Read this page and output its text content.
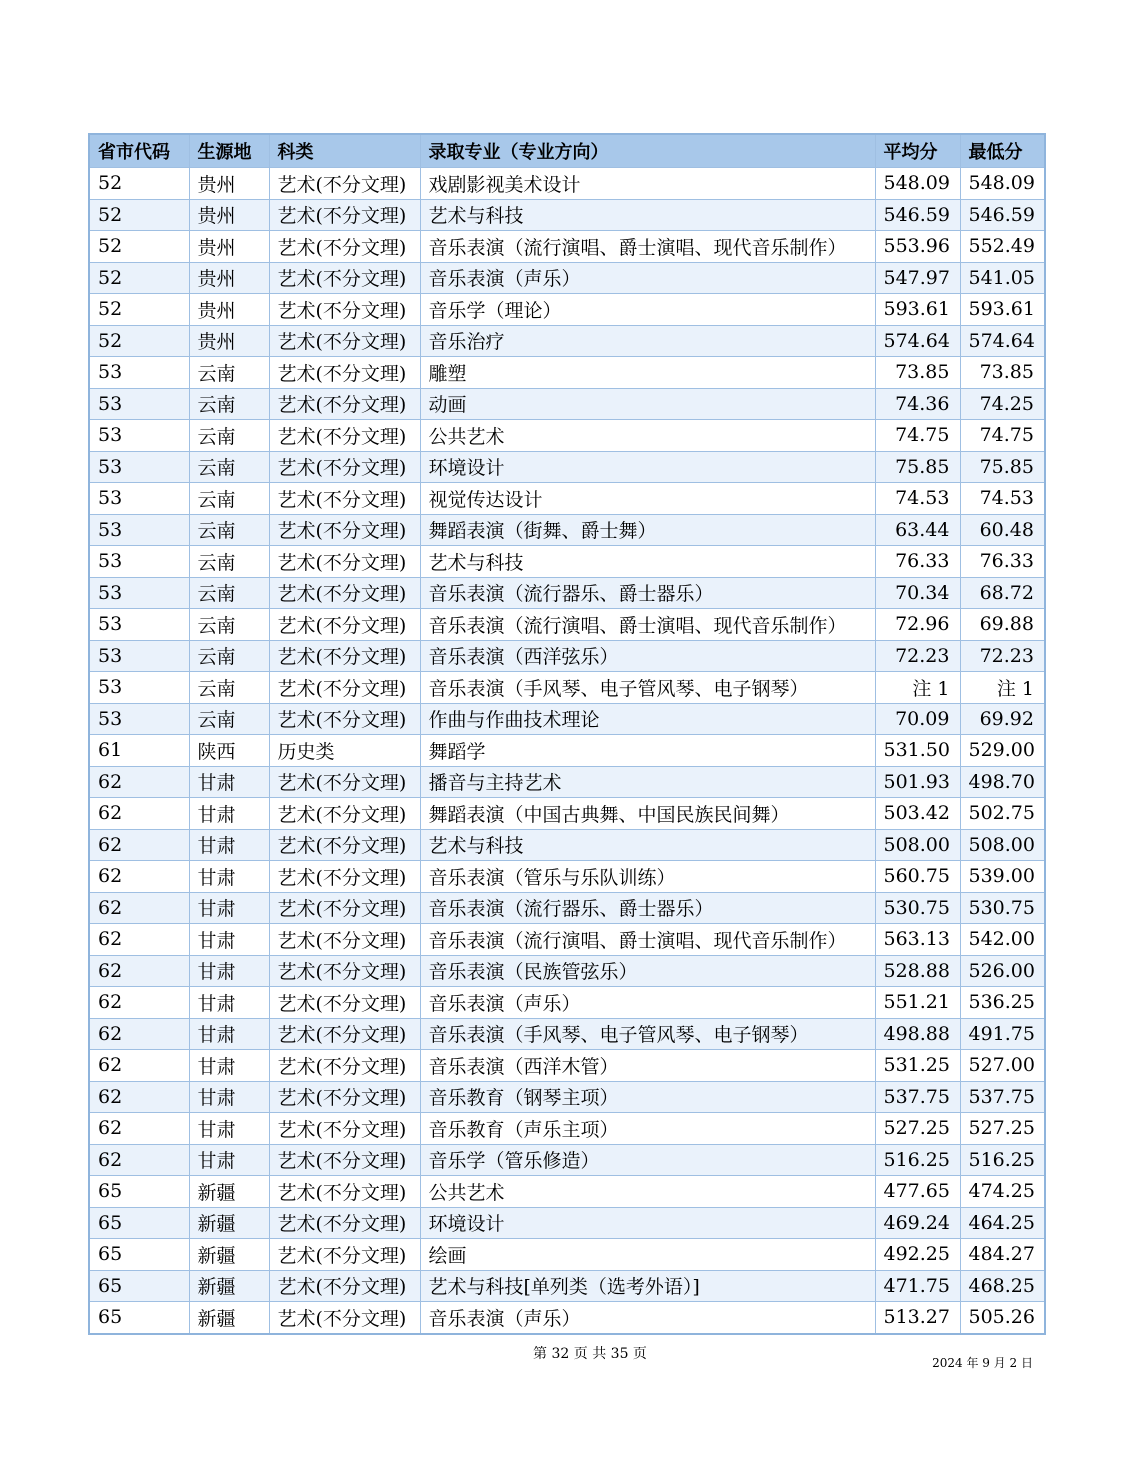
省市代码	生源地	科类	录取专业（专业方向）	平均分	最低分
52	贵州	艺术(不分文理)	戏剧影视美术设计	548.09	548.09
52	贵州	艺术(不分文理)	艺术与科技	546.59	546.59
52	贵州	艺术(不分文理)	音乐表演（流行演唱、爵士演唱、现代音乐制作）	553.96	552.49
52	贵州	艺术(不分文理)	音乐表演（声乐）	547.97	541.05
52	贵州	艺术(不分文理)	音乐学（理论）	593.61	593.61
52	贵州	艺术(不分文理)	音乐治疗	574.64	574.64
53	云南	艺术(不分文理)	雕塑	73.85	73.85
53	云南	艺术(不分文理)	动画	74.36	74.25
53	云南	艺术(不分文理)	公共艺术	74.75	74.75
53	云南	艺术(不分文理)	环境设计	75.85	75.85
53	云南	艺术(不分文理)	视觉传达设计	74.53	74.53
53	云南	艺术(不分文理)	舞蹈表演（街舞、爵士舞）	63.44	60.48
53	云南	艺术(不分文理)	艺术与科技	76.33	76.33
53	云南	艺术(不分文理)	音乐表演（流行器乐、爵士器乐）	70.34	68.72
53	云南	艺术(不分文理)	音乐表演（流行演唱、爵士演唱、现代音乐制作）	72.96	69.88
53	云南	艺术(不分文理)	音乐表演（西洋弦乐）	72.23	72.23
53	云南	艺术(不分文理)	音乐表演（手风琴、电子管风琴、电子钢琴）	注 1	注 1
53	云南	艺术(不分文理)	作曲与作曲技术理论	70.09	69.92
61	陕西	历史类	舞蹈学	531.50	529.00
62	甘肃	艺术(不分文理)	播音与主持艺术	501.93	498.70
62	甘肃	艺术(不分文理)	舞蹈表演（中国古典舞、中国民族民间舞）	503.42	502.75
62	甘肃	艺术(不分文理)	艺术与科技	508.00	508.00
62	甘肃	艺术(不分文理)	音乐表演（管乐与乐队训练）	560.75	539.00
62	甘肃	艺术(不分文理)	音乐表演（流行器乐、爵士器乐）	530.75	530.75
62	甘肃	艺术(不分文理)	音乐表演（流行演唱、爵士演唱、现代音乐制作）	563.13	542.00
62	甘肃	艺术(不分文理)	音乐表演（民族管弦乐）	528.88	526.00
62	甘肃	艺术(不分文理)	音乐表演（声乐）	551.21	536.25
62	甘肃	艺术(不分文理)	音乐表演（手风琴、电子管风琴、电子钢琴）	498.88	491.75
62	甘肃	艺术(不分文理)	音乐表演（西洋木管）	531.25	527.00
62	甘肃	艺术(不分文理)	音乐教育（钢琴主项）	537.75	537.75
62	甘肃	艺术(不分文理)	音乐教育（声乐主项）	527.25	527.25
62	甘肃	艺术(不分文理)	音乐学（管乐修造）	516.25	516.25
65	新疆	艺术(不分文理)	公共艺术	477.65	474.25
65	新疆	艺术(不分文理)	环境设计	469.24	464.25
65	新疆	艺术(不分文理)	绘画	492.25	484.27
65	新疆	艺术(不分文理)	艺术与科技[单列类（选考外语）]	471.75	468.25
65	新疆	艺术(不分文理)	音乐表演（声乐）	513.27	505.26
第 32 页 共 35 页
2024 年 9 月 2 日
